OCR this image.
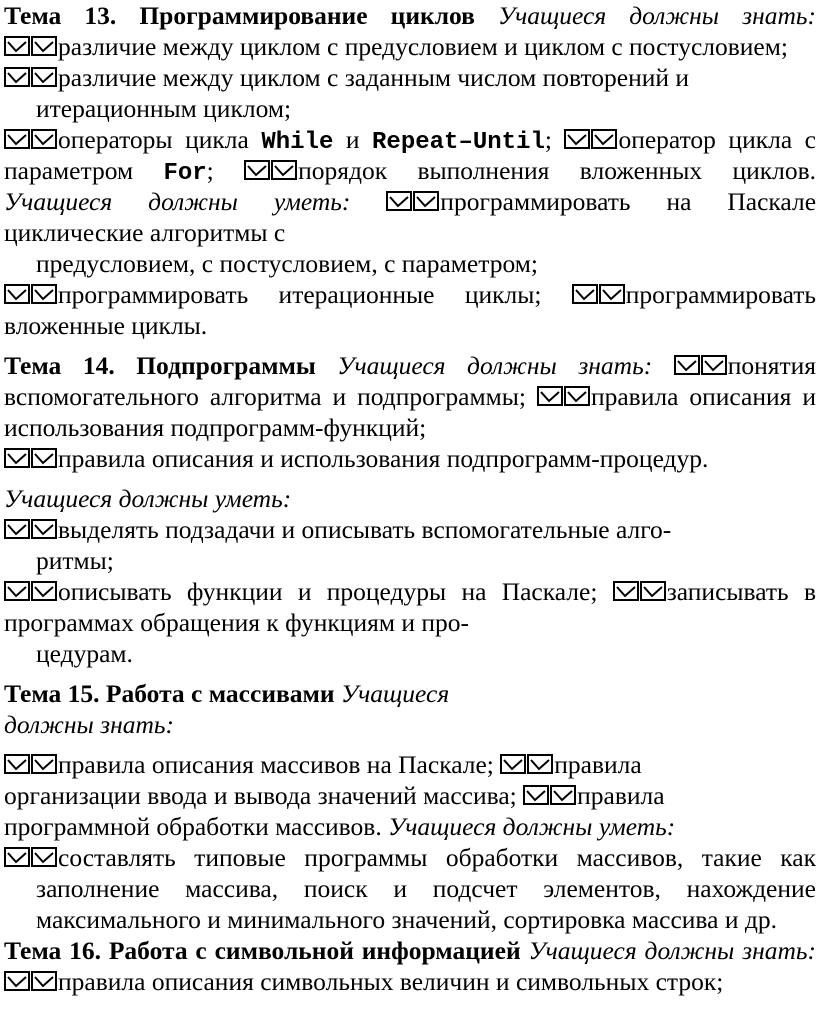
Тема 13. Программирование циклов Учащиеся должны знать:
различие между циклом с предусловием и циклом с постусловием;
различие между циклом с заданным числом повторений и
итерационным циклом;
операторы цикла While и Repeat–Until;
оператор цикла с
параметром For;
порядок выполнения вложенных циклов.
Учащиеся должны уметь:	программировать на Паскале
циклические алгоритмы с
предусловием, с постусловием, с параметром;
программировать итерационные циклы;
программировать
вложенные циклы.
Тема 14. Подпрограммы Учащиеся должны знать:	понятия
вспомогательного алгоритма и подпрограммы;
правила описания и
использования подпрограмм-функций;
правила описания и использования подпрограмм-процедур.
Учащиеся должны уметь:
выделять подзадачи и описывать вспомогательные алго-
ритмы;
описывать функции и процедуры на Паскале;
записывать в
программах обращения к функциям и про-
цедурам.
Тема 15. Работа с массивами Учащиеся
должны знать:
правила описания массивов на Паскале;
правила
организации ввода и вывода значений массива;
правила
программной обработки массивов. Учащиеся должны уметь:
составлять типовые программы обработки массивов, такие как
заполнение массива, поиск и подсчет элементов, нахождение
максимального и минимального значений, сортировка массива и др.
Тема 16. Работа с символьной информацией Учащиеся должны знать:
правила описания символьных величин и символьных строк;
